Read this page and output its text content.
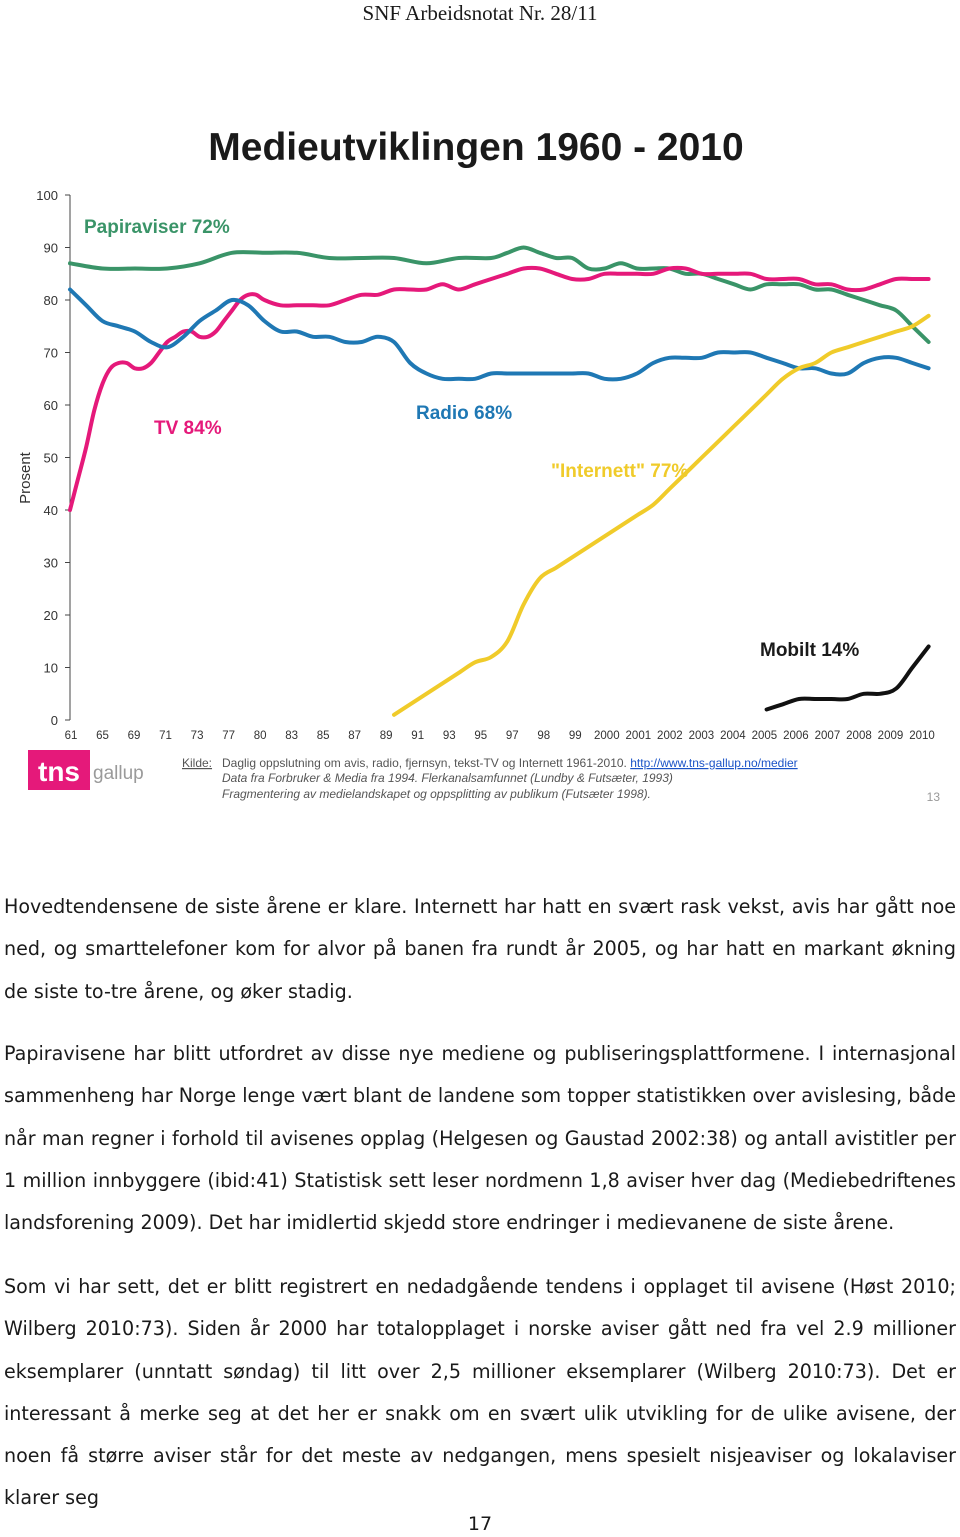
SNF Arbeidsnotat Nr. 28/11
Medieutviklingen 1960 - 2010
Prosent
0
10
20
30
40
50
60
70
80
90
100
61 65 69 71 73 77 80 83 85 87 89 91 93 95 97 98 99 2000 2001 2002 2003 2004 2005 2006 2007 2008 2009 2010
Papiraviser 72%
TV 84%
Radio 68%
"Internett" 77%
Mobilt 14%
tns gallup	Kilde: Daglig oppslutning om avis, radio, fjernsyn, tekst-TV og Internett 1961-2010. http://www.tns-gallup.no/medier
Data fra Forbruker & Media fra 1994. Flerkanalsamfunnet (Lundby & Futsæter, 1993)
Fragmentering av medielandskapet og oppsplitting av publikum (Futsæter 1998).	13

Hovedtendensene de siste årene er klare. Internett har hatt en svært rask vekst, avis har gått noe ned, og smarttelefoner kom for alvor på banen fra rundt år 2005, og har hatt en markant økning de siste to-tre årene, og øker stadig.

Papiravisene har blitt utfordret av disse nye mediene og publiseringsplattformene. I internasjonal sammenheng har Norge lenge vært blant de landene som topper statistikken over avislesing, både når man regner i forhold til avisenes opplag (Helgesen og Gaustad 2002:38) og antall avistitler per 1 million innbyggere (ibid:41) Statistisk sett leser nordmenn 1,8 aviser hver dag (Mediebedriftenes landsforening 2009). Det har imidlertid skjedd store endringer i medievanene de siste årene.

Som vi har sett, det er blitt registrert en nedadgående tendens i opplaget til avisene (Høst 2010; Wilberg 2010:73). Siden år 2000 har totalopplaget i norske aviser gått ned fra vel 2.9 millioner eksemplarer (unntatt søndag) til litt over 2,5 millioner eksemplarer (Wilberg 2010:73). Det er interessant å merke seg at det her er snakk om en svært ulik utvikling for de ulike avisene, der noen få større aviser står for det meste av nedgangen, mens spesielt nisjeaviser og lokalaviser klarer seg

17
